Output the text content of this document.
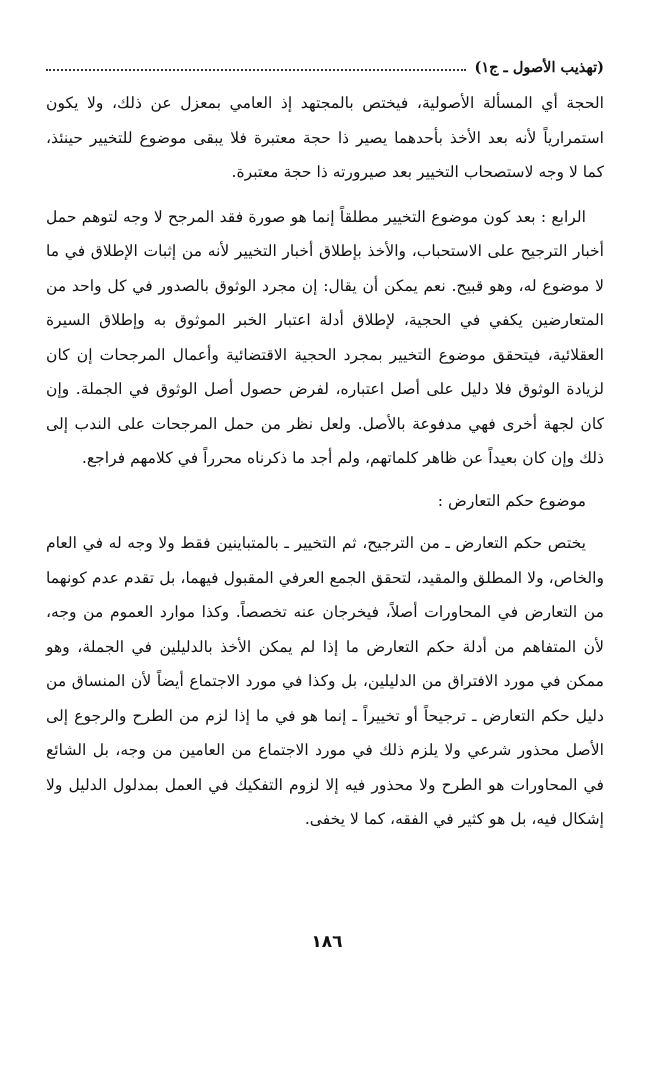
(تهذيب الأصول ـ ج١)

الحجة أي المسألة الأصولية، فيختص بالمجتهد إذ العامي بمعزل عن ذلك، ولا يكون استمرارياً لأنه بعد الأخذ بأحدهما يصير ذا حجة معتبرة فلا يبقى موضوع للتخيير حينئذ، كما لا وجه لاستصحاب التخيير بعد صيرورته ذا حجة معتبرة.

الرابع : بعد كون موضوع التخيير مطلقاً إنما هو صورة فقد المرجح لا وجه لتوهم حمل أخبار الترجيح على الاستحباب، والأخذ بإطلاق أخبار التخيير لأنه من إثبات الإطلاق في ما لا موضوع له، وهو قبيح. نعم يمكن أن يقال: إن مجرد الوثوق بالصدور في كل واحد من المتعارضين يكفي في الحجية، لإطلاق أدلة اعتبار الخبر الموثوق به وإطلاق السيرة العقلائية، فيتحقق موضوع التخيير بمجرد الحجية الاقتضائية وأعمال المرجحات إن كان لزيادة الوثوق فلا دليل على أصل اعتباره، لفرض حصول أصل الوثوق في الجملة. وإن كان لجهة أخرى فهي مدفوعة بالأصل. ولعل نظر من حمل المرجحات على الندب إلى ذلك وإن كان بعيداً عن ظاهر كلماتهم، ولم أجد ما ذكرناه محرراً في كلامهم فراجع.

موضوع حكم التعارض :

يختص حكم التعارض ـ من الترجيح، ثم التخيير ـ بالمتباينين فقط ولا وجه له في العام والخاص، ولا المطلق والمقيد، لتحقق الجمع العرفي المقبول فيهما، بل تقدم عدم كونهما من التعارض في المحاورات أصلاً، فيخرجان عنه تخصصاً. وكذا موارد العموم من وجه، لأن المتفاهم من أدلة حكم التعارض ما إذا لم يمكن الأخذ بالدليلين في الجملة، وهو ممكن في مورد الافتراق من الدليلين، بل وكذا في مورد الاجتماع أيضاً لأن المنساق من دليل حكم التعارض ـ ترجيحاً أو تخييراً ـ إنما هو في ما إذا لزم من الطرح والرجوع إلى الأصل محذور شرعي ولا يلزم ذلك في مورد الاجتماع من العامين من وجه، بل الشائع في المحاورات هو الطرح ولا محذور فيه إلا لزوم التفكيك في العمل بمدلول الدليل ولا إشكال فيه، بل هو كثير في الفقه، كما لا يخفى.

١٨٦
